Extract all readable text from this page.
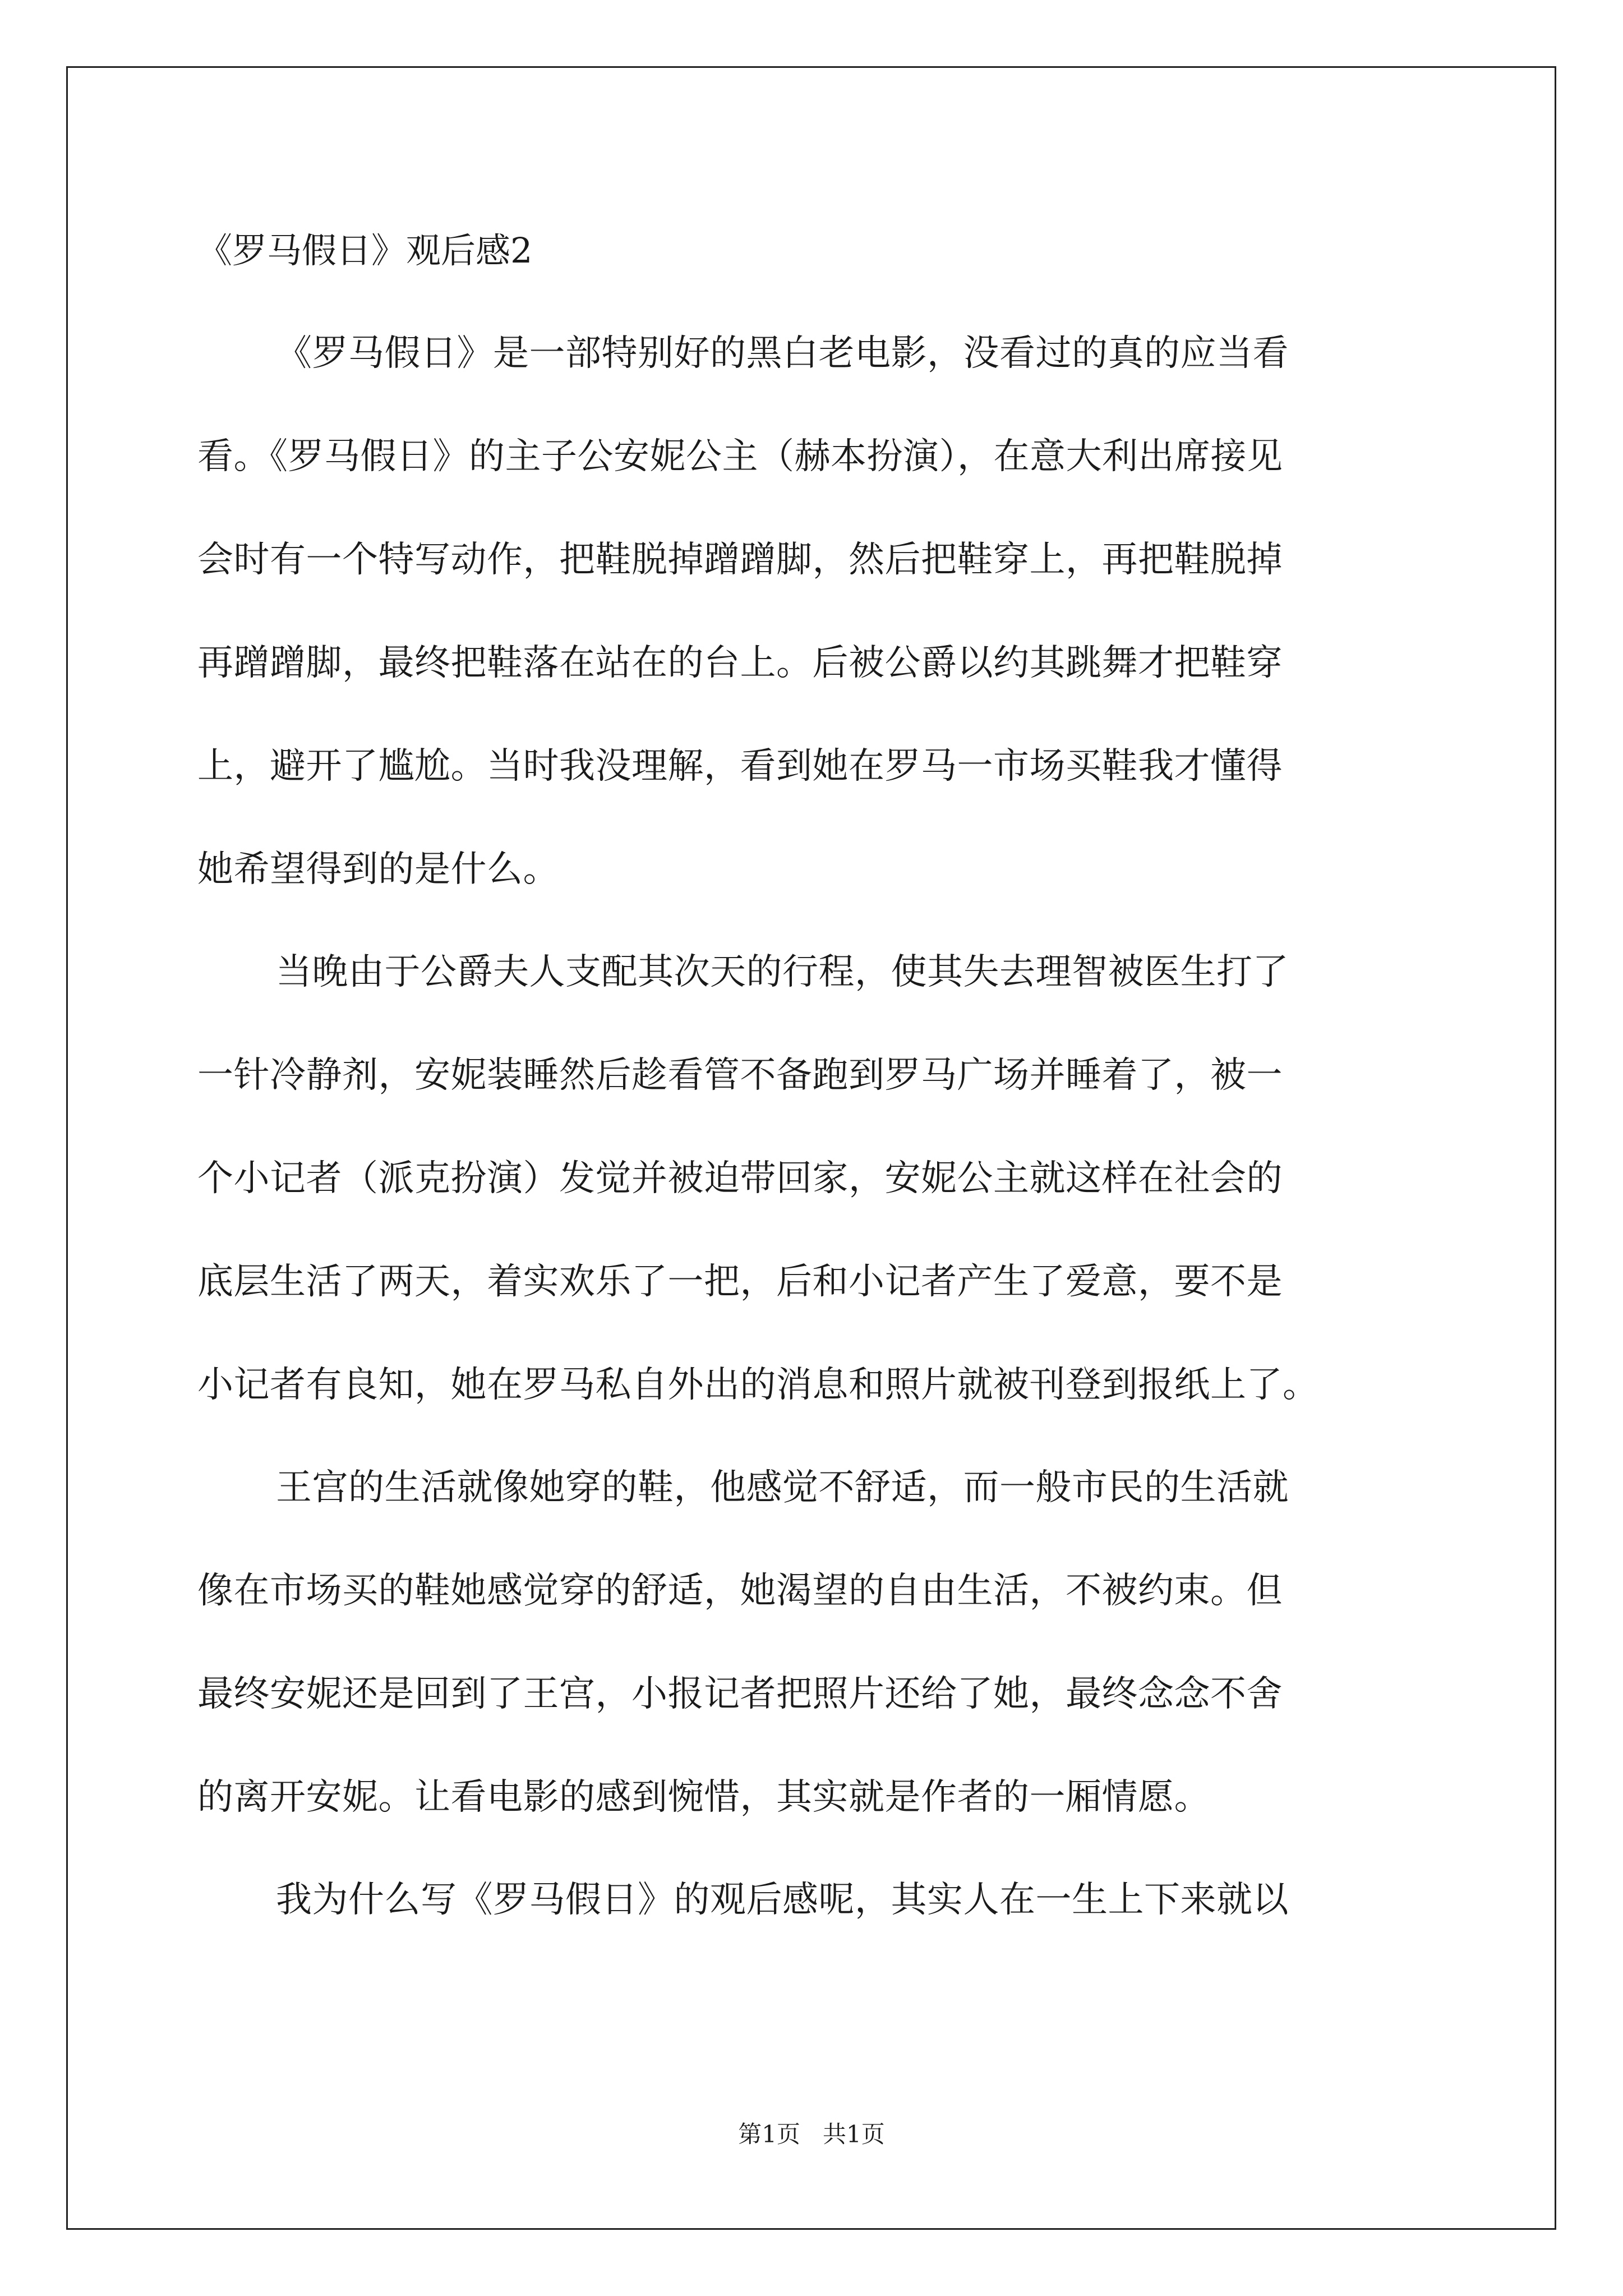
《罗马假日》观后感2
《罗马假日》是一部特别好的黑白老电影，没看过的真的应当看
看。《罗马假日》的主子公安妮公主（赫本扮演），在意大利出席接见
会时有一个特写动作，把鞋脱掉蹭蹭脚，然后把鞋穿上，再把鞋脱掉
再蹭蹭脚，最终把鞋落在站在的台上。后被公爵以约其跳舞才把鞋穿
上，避开了尴尬。当时我没理解，看到她在罗马一市场买鞋我才懂得
她希望得到的是什么。
当晚由于公爵夫人支配其次天的行程，使其失去理智被医生打了
一针冷静剂，安妮装睡然后趁看管不备跑到罗马广场并睡着了，被一
个小记者（派克扮演）发觉并被迫带回家，安妮公主就这样在社会的
底层生活了两天，着实欢乐了一把，后和小记者产生了爱意，要不是
小记者有良知，她在罗马私自外出的消息和照片就被刊登到报纸上了。
王宫的生活就像她穿的鞋，他感觉不舒适，而一般市民的生活就
像在市场买的鞋她感觉穿的舒适，她渴望的自由生活，不被约束。但
最终安妮还是回到了王宫，小报记者把照片还给了她，最终念念不舍
的离开安妮。让看电影的感到惋惜，其实就是作者的一厢情愿。
我为什么写《罗马假日》的观后感呢，其实人在一生上下来就以
第1页   共1页
